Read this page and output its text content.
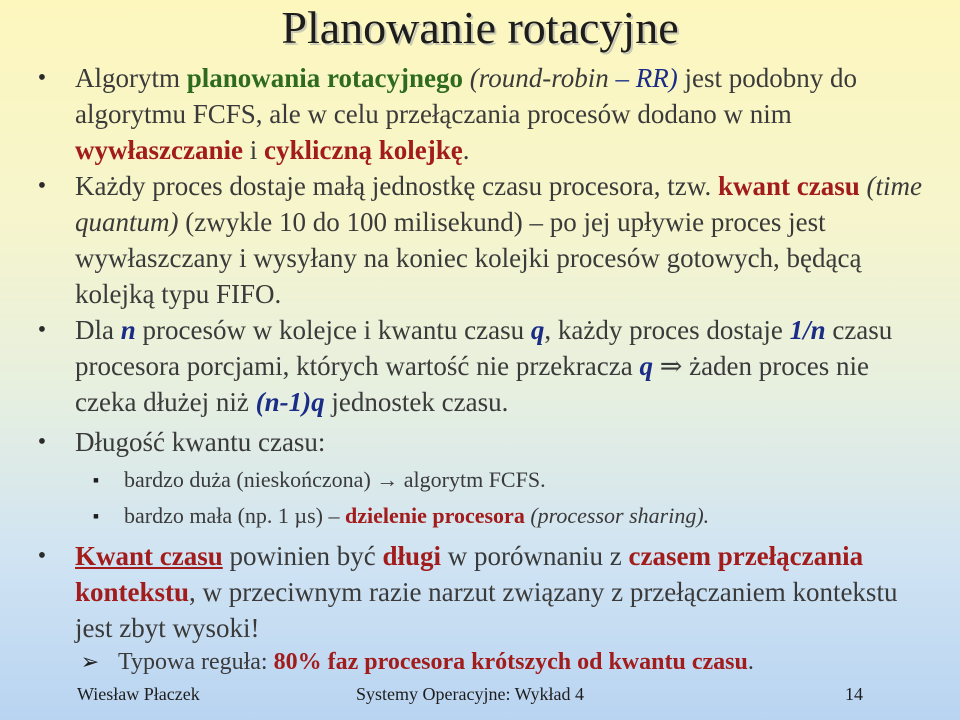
Planowanie rotacyjne
• Algorytm planowania rotacyjnego (round-robin – RR) jest podobny do algorytmu FCFS, ale w celu przełączania procesów dodano w nim wywłaszczanie i cykliczną kolejkę.
• Każdy proces dostaje małą jednostkę czasu procesora, tzw. kwant czasu (time quantum) (zwykle 10 do 100 milisekund) – po jej upływie proces jest wywłaszczany i wysyłany na koniec kolejki procesów gotowych, będącą kolejką typu FIFO.
• Dla n procesów w kolejce i kwantu czasu q, każdy proces dostaje 1/n czasu procesora porcjami, których wartość nie przekracza q ⇒ żaden proces nie czeka dłużej niż (n-1)q jednostek czasu.
• Długość kwantu czasu:
▪	bardzo duża (nieskończona) → algorytm FCFS.
▪	bardzo mała (np. 1 µs) – dzielenie procesora (processor sharing).
• Kwant czasu powinien być długi w porównaniu z czasem przełączania kontekstu, w przeciwnym razie narzut związany z przełączaniem kontekstu jest zbyt wysoki!
➢ Typowa reguła: 80% faz procesora krótszych od kwantu czasu.
Wiesław Płaczek	Systemy Operacyjne: Wykład 4	14
